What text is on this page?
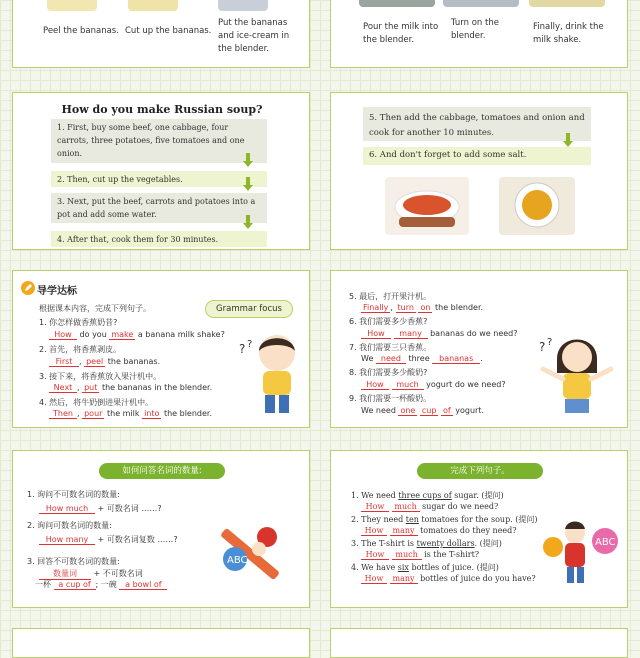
Peel the bananas. Cut up the bananas.
Put the bananas and ice-cream in the blender.
Pour the milk into the blender.
Turn on the blender.
Finally, drink the milk shake.
How do you make Russian soup?
1. First, buy some beef, one cabbage, four carrots, three potatoes, five tomatoes and one onion.
2. Then, cut up the vegetables.
3. Next, put the beef, carrots and potatoes into a pot and add some water.
4. After that, cook them for 30 minutes.
5. Then add the cabbage, tomatoes and onion and cook for another 10 minutes.
6. And don't forget to add some salt.
导学达标
根据课本内容，完成下列句子。	Grammar focus
1. 你怎样做香蕉奶昔?
How do you make a banana milk shake?
2. 首先，将香蕉剥皮。
First , peel the bananas.
3. 接下来，将香蕉放入果汁机中。
Next , put the bananas in the blender.
4. 然后，将牛奶倒进果汁机中。
Then , pour the milk into the blender.
? ?
5. 最后，打开果汁机。
Finally , turn on the blender.
6. 我们需要多少香蕉?
How many bananas do we need?
7. 我们需要三只香蕉。
We need three bananas .
8. 我们需要多少酸奶?
How much yogurt do we need?
9. 我们需要一杯酸奶。
We need one cup of yogurt.
? ?
如何问答名词的数量:
1. 询问不可数名词的数量:
How much + 可数名词 ……?
2. 询问可数名词的数量:
How many + 可数名词复数 ……?
3. 回答不可数名词的数量:
数量词 + 不可数名词
一杯 a cup of ; 一碗 a bowl of
ABC
完成下列句子。
1. We need three cups of sugar. (提问)
How much sugar do we need?
2. They need ten tomatoes for the soup. (提问)
How many tomatoes do they need?
3. The T-shirt is twenty dollars. (提问)
How much is the T-shirt?
4. We have six bottles of juice. (提问)
How many bottles of juice do you have?
ABC
